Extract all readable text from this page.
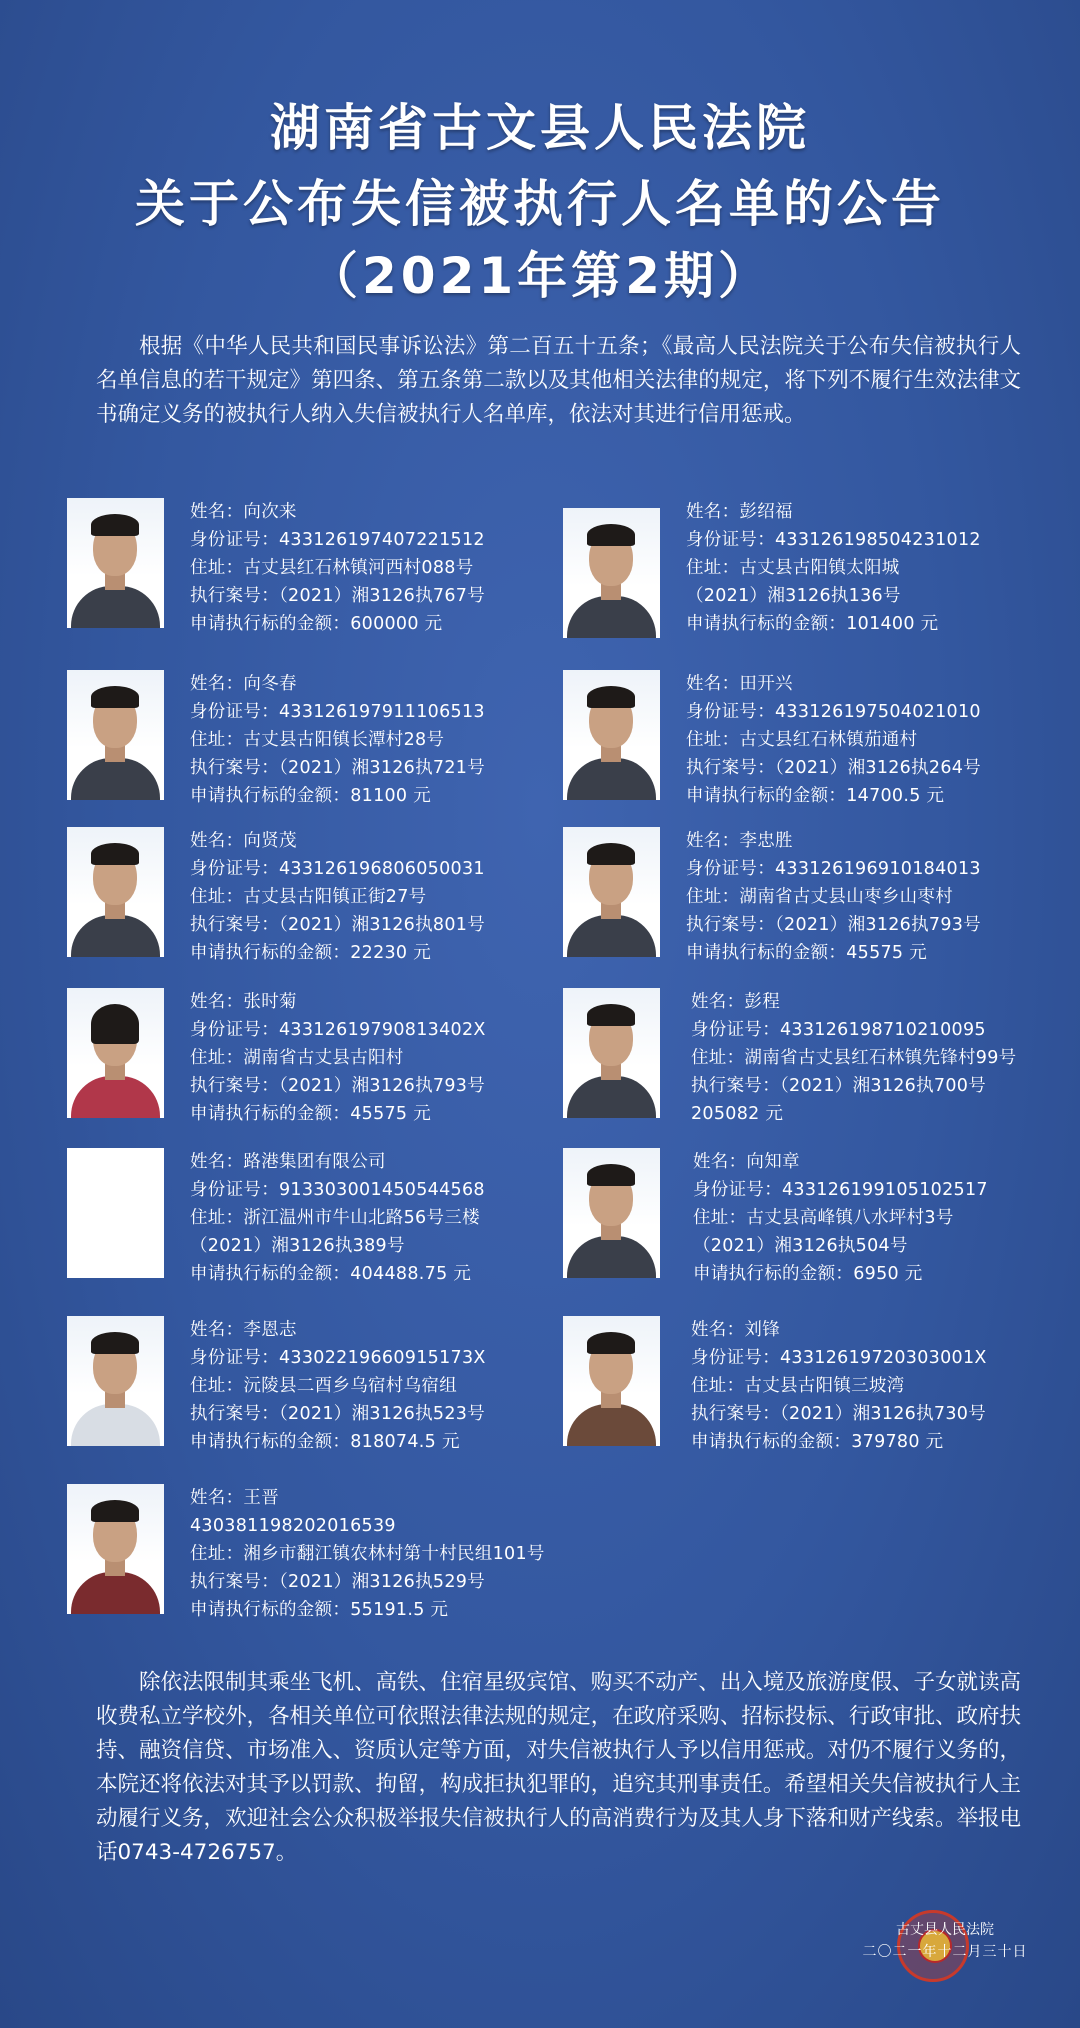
湖南省古文县人民法院
关于公布失信被执行人名单的公告
（2021年第2期）
根据《中华人民共和国民事诉讼法》第二百五十五条；《最高人民法院关于公布失信被执行人名单信息的若干规定》第四条、第五条第二款以及其他相关法律的规定，将下列不履行生效法律文书确定义务的被执行人纳入失信被执行人名单库，依法对其进行信用惩戒。
姓名：向次来
身份证号：433126197407221512
住址：古丈县红石林镇河西村088号
执行案号：（2021）湘3126执767号
申请执行标的金额：600000 元
姓名：彭绍福
身份证号：433126198504231012
住址：古丈县古阳镇太阳城
（2021）湘3126执136号
申请执行标的金额：101400 元
姓名：向冬春
身份证号：433126197911106513
住址：古丈县古阳镇长潭村28号
执行案号：（2021）湘3126执721号
申请执行标的金额：81100 元
姓名：田开兴
身份证号：433126197504021010
住址：古丈县红石林镇茄通村
执行案号：（2021）湘3126执264号
申请执行标的金额：14700.5 元
姓名：向贤茂
身份证号：433126196806050031
住址：古丈县古阳镇正街27号
执行案号：（2021）湘3126执801号
申请执行标的金额：22230 元
姓名：李忠胜
身份证号：433126196910184013
住址：湖南省古丈县山枣乡山枣村
执行案号：（2021）湘3126执793号
申请执行标的金额：45575 元
姓名：张时菊
身份证号：43312619790813402X
住址：湖南省古丈县古阳村
执行案号：（2021）湘3126执793号
申请执行标的金额：45575 元
姓名：彭程
身份证号：433126198710210095
住址：湖南省古丈县红石林镇先锋村99号
执行案号：（2021）湘3126执700号
205082 元
姓名：路港集团有限公司
身份证号：913303001450544568
住址：浙江温州市牛山北路56号三楼
（2021）湘3126执389号
申请执行标的金额：404488.75 元
姓名：向知章
身份证号：433126199105102517
住址：古丈县高峰镇八水坪村3号
（2021）湘3126执504号
申请执行标的金额：6950 元
姓名：李恩志
身份证号：43302219660915173X
住址：沅陵县二酉乡乌宿村乌宿组
执行案号：（2021）湘3126执523号
申请执行标的金额：818074.5 元
姓名：刘锋
身份证号：43312619720303001X
住址：古丈县古阳镇三坡湾
执行案号：（2021）湘3126执730号
申请执行标的金额：379780 元
姓名：王晋
430381198202016539
住址：湘乡市翻江镇农林村第十村民组101号
执行案号：（2021）湘3126执529号
申请执行标的金额：55191.5 元
除依法限制其乘坐飞机、高铁、住宿星级宾馆、购买不动产、出入境及旅游度假、子女就读高收费私立学校外，各相关单位可依照法律法规的规定，在政府采购、招标投标、行政审批、政府扶持、融资信贷、市场准入、资质认定等方面，对失信被执行人予以信用惩戒。对仍不履行义务的，本院还将依法对其予以罚款、拘留，构成拒执犯罪的，追究其刑事责任。希望相关失信被执行人主动履行义务，欢迎社会公众积极举报失信被执行人的高消费行为及其人身下落和财产线索。举报电话0743-4726757。
古丈县人民法院
二〇二一年十二月三十日
